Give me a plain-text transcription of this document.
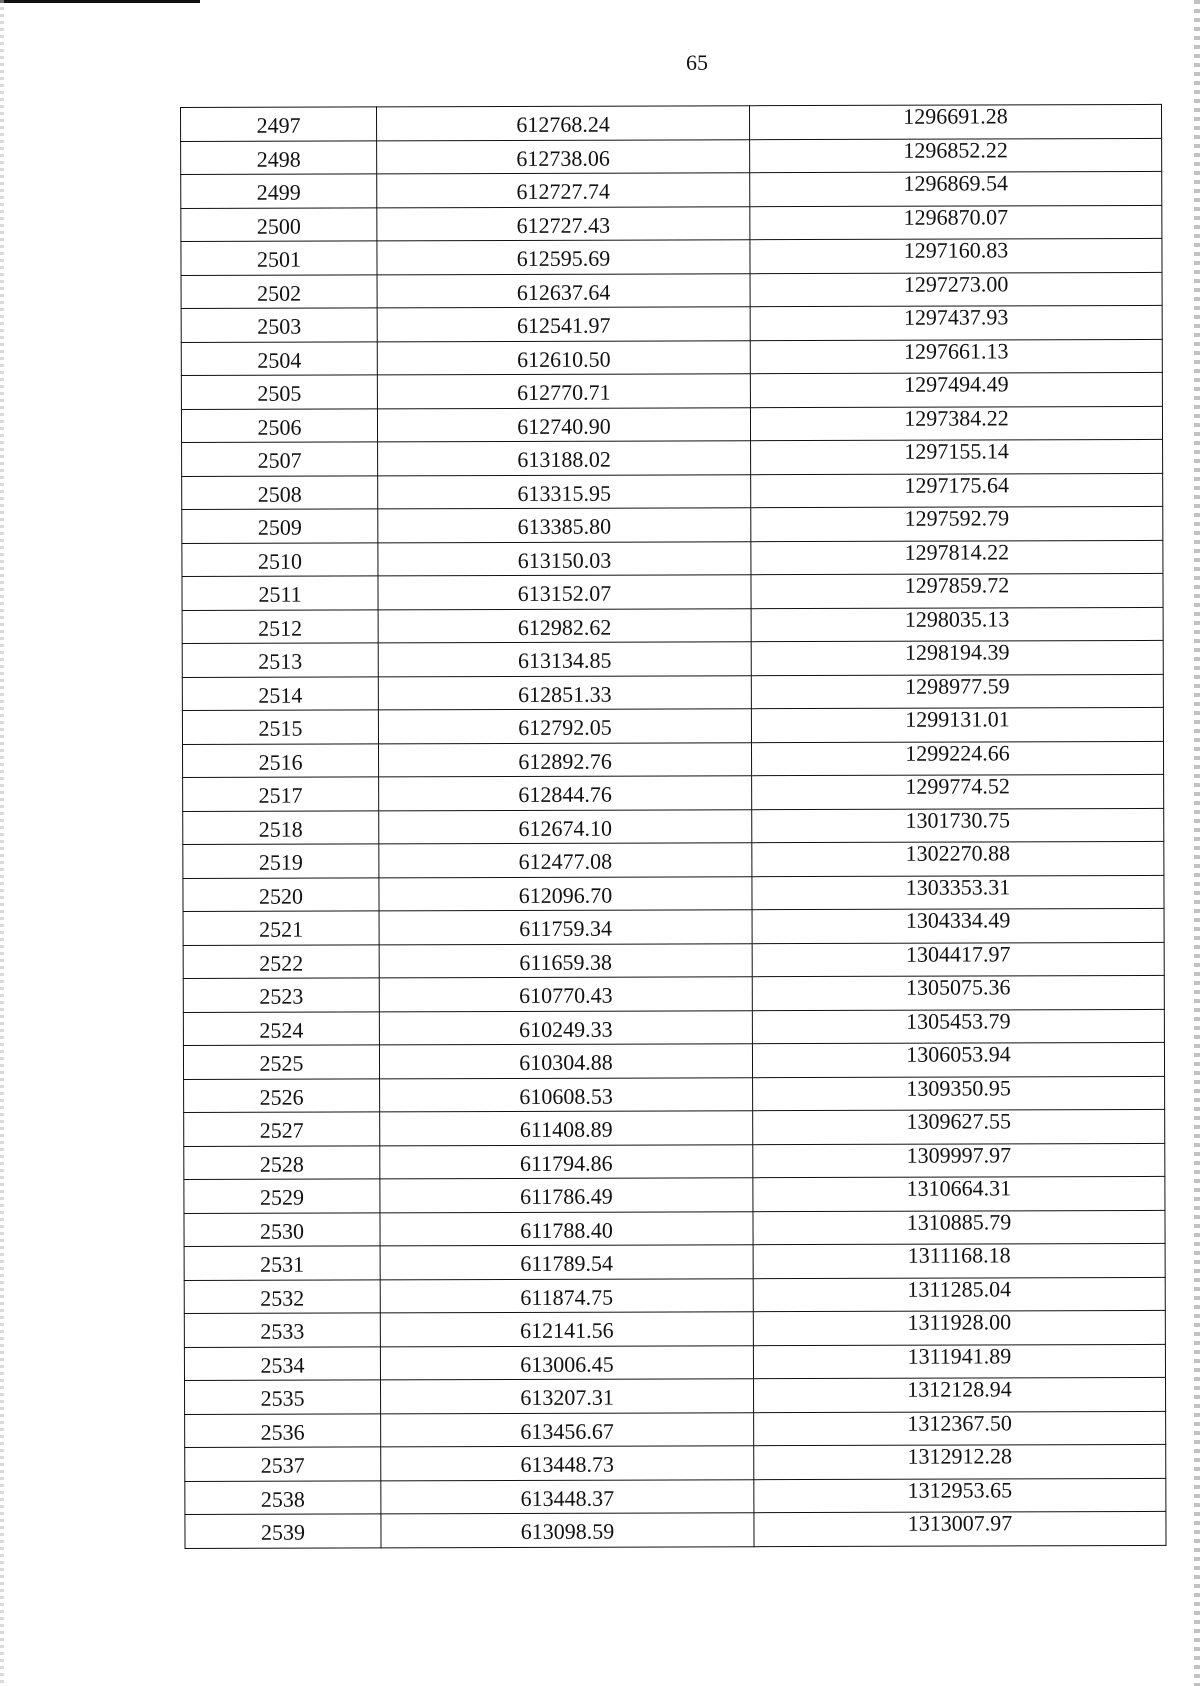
65
2497	612768.24	1296691.28
2498	612738.06	1296852.22
2499	612727.74	1296869.54
2500	612727.43	1296870.07
2501	612595.69	1297160.83
2502	612637.64	1297273.00
2503	612541.97	1297437.93
2504	612610.50	1297661.13
2505	612770.71	1297494.49
2506	612740.90	1297384.22
2507	613188.02	1297155.14
2508	613315.95	1297175.64
2509	613385.80	1297592.79
2510	613150.03	1297814.22
2511	613152.07	1297859.72
2512	612982.62	1298035.13
2513	613134.85	1298194.39
2514	612851.33	1298977.59
2515	612792.05	1299131.01
2516	612892.76	1299224.66
2517	612844.76	1299774.52
2518	612674.10	1301730.75
2519	612477.08	1302270.88
2520	612096.70	1303353.31
2521	611759.34	1304334.49
2522	611659.38	1304417.97
2523	610770.43	1305075.36
2524	610249.33	1305453.79
2525	610304.88	1306053.94
2526	610608.53	1309350.95
2527	611408.89	1309627.55
2528	611794.86	1309997.97
2529	611786.49	1310664.31
2530	611788.40	1310885.79
2531	611789.54	1311168.18
2532	611874.75	1311285.04
2533	612141.56	1311928.00
2534	613006.45	1311941.89
2535	613207.31	1312128.94
2536	613456.67	1312367.50
2537	613448.73	1312912.28
2538	613448.37	1312953.65
2539	613098.59	1313007.97
